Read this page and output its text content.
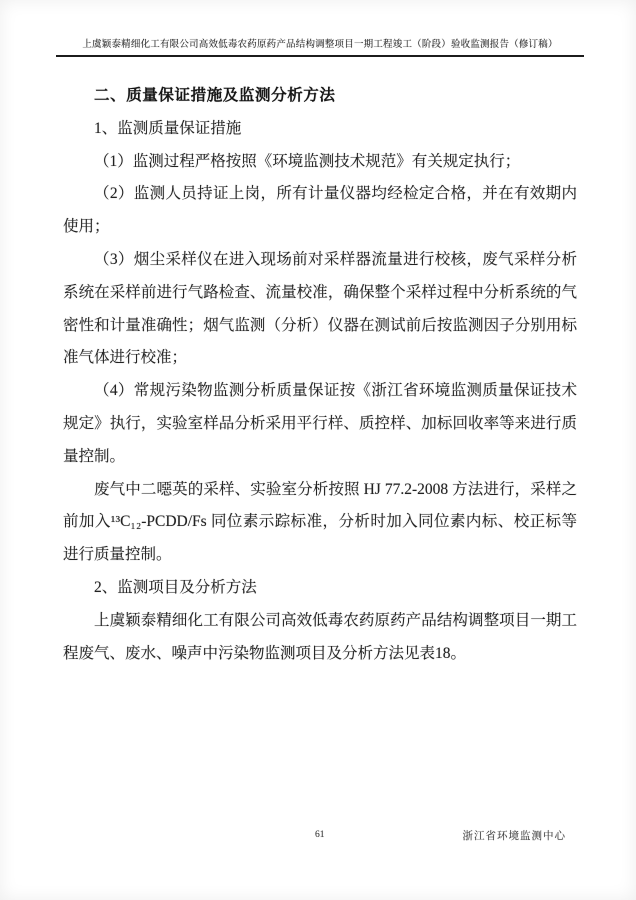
上虞颖泰精细化工有限公司高效低毒农药原药产品结构调整项目一期工程竣工（阶段）验收监测报告（修订稿）
二、质量保证措施及监测分析方法
1、监测质量保证措施
（1）监测过程严格按照《环境监测技术规范》有关规定执行；
（2）监测人员持证上岗，所有计量仪器均经检定合格，并在有效期内使用；
（3）烟尘采样仪在进入现场前对采样器流量进行校核，废气采样分析系统在采样前进行气路检查、流量校准，确保整个采样过程中分析系统的气密性和计量准确性；烟气监测（分析）仪器在测试前后按监测因子分别用标准气体进行校准；
（4）常规污染物监测分析质量保证按《浙江省环境监测质量保证技术规定》执行，实验室样品分析采用平行样、质控样、加标回收率等来进行质量控制。
废气中二噁英的采样、实验室分析按照 HJ 77.2-2008 方法进行，采样之前加入¹³C₁₂-PCDD/Fs 同位素示踪标准，分析时加入同位素内标、校正标等进行质量控制。
2、监测项目及分析方法
上虞颖泰精细化工有限公司高效低毒农药原药产品结构调整项目一期工程废气、废水、噪声中污染物监测项目及分析方法见表18。
61	浙江省环境监测中心
